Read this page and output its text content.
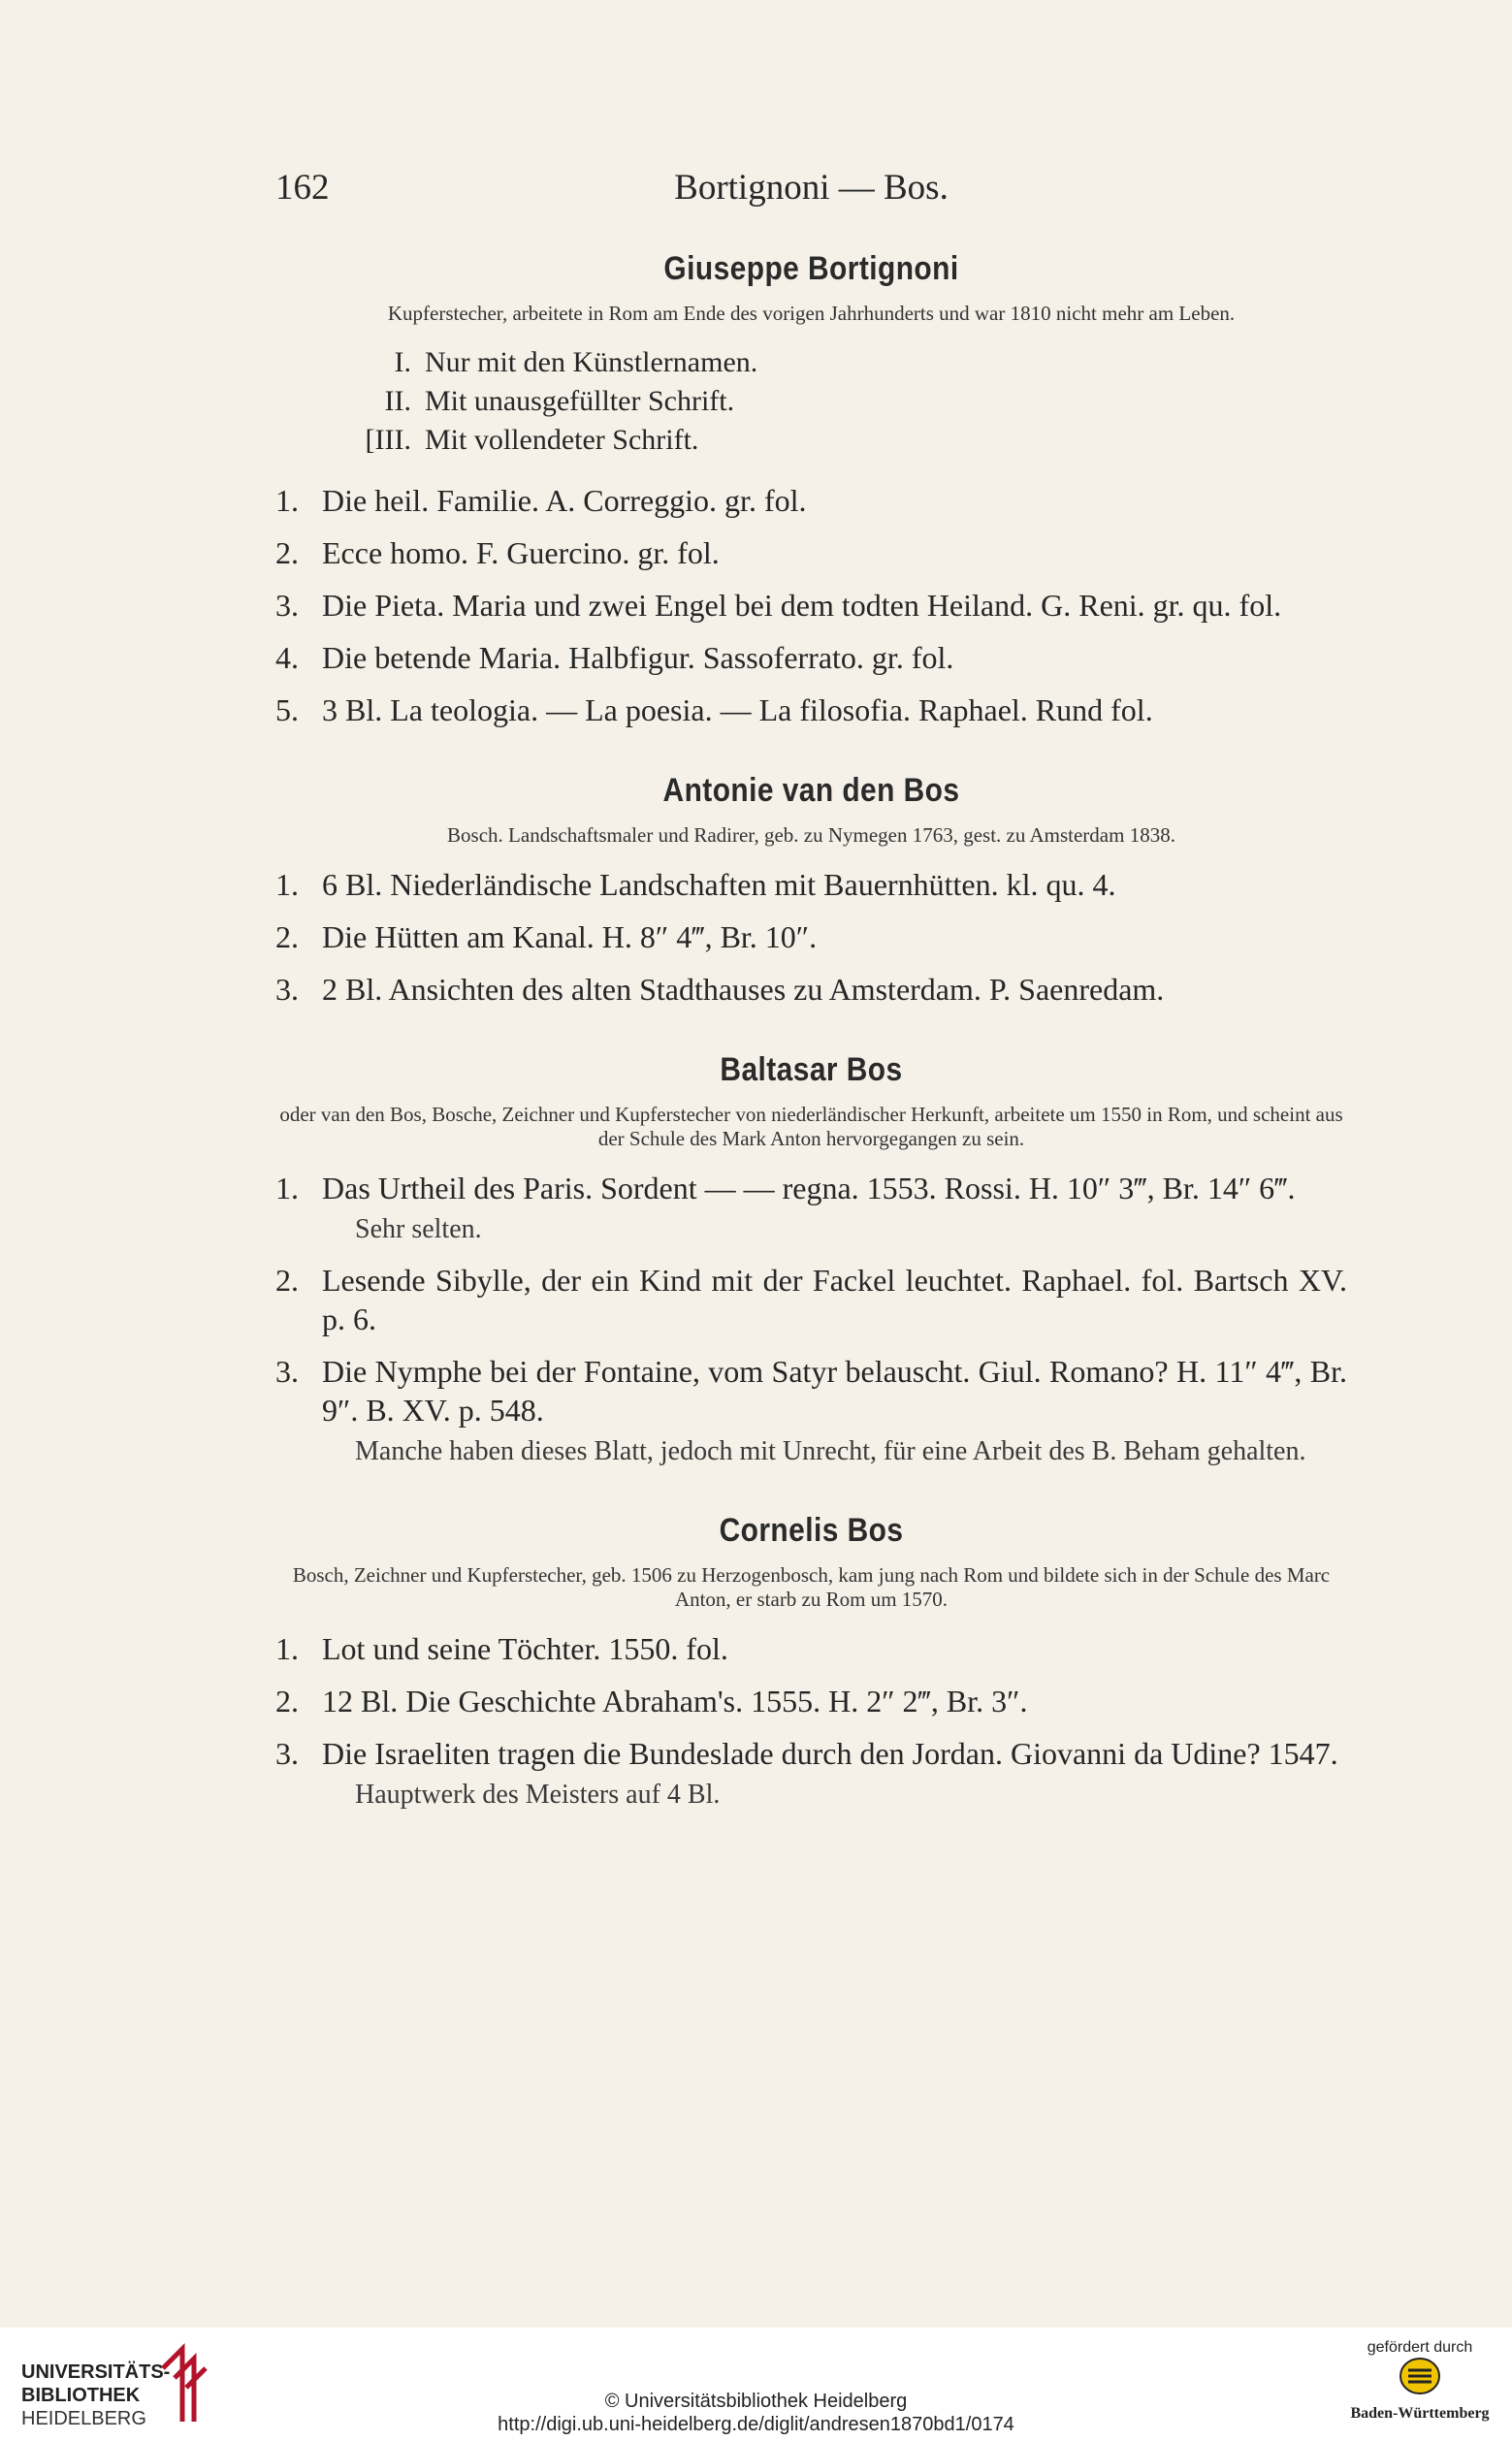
162	Bortignoni — Bos.
Giuseppe Bortignoni

Kupferstecher, arbeitete in Rom am Ende des vorigen Jahrhunderts und war 1810 nicht mehr am Leben.

I. Nur mit den Künstlernamen.
II. Mit unausgefüllter Schrift.
[III. Mit vollendeter Schrift.
1. Die heil. Familie. A. Correggio. gr. fol.
2. Ecce homo. F. Guercino. gr. fol.
3. Die Pieta. Maria und zwei Engel bei dem todten Heiland. G. Reni. gr. qu. fol.
4. Die betende Maria. Halbfigur. Sassoferrato. gr. fol.
5. 3 Bl. La teologia. — La poesia. — La filosofia. Raphael. Rund fol.
Antonie van den Bos

Bosch. Landschaftsmaler und Radirer, geb. zu Nymegen 1763, gest. zu Amsterdam 1838.

1. 6 Bl. Niederländische Landschaften mit Bauernhütten. kl. qu. 4.
2. Die Hütten am Kanal. H. 8″ 4‴, Br. 10″.
3. 2 Bl. Ansichten des alten Stadthauses zu Amsterdam. P. Saenredam.
Baltasar Bos

oder van den Bos, Bosche, Zeichner und Kupferstecher von niederländischer Herkunft, arbeitete um 1550 in Rom, und scheint aus der Schule des Mark Anton hervorgegangen zu sein.

1. Das Urtheil des Paris. Sordent — — regna. 1553. Rossi. H. 10″ 3‴, Br. 14″ 6‴.
Sehr selten.
2. Lesende Sibylle, der ein Kind mit der Fackel leuchtet. Raphael. fol. Bartsch XV. p. 6.
3. Die Nymphe bei der Fontaine, vom Satyr belauscht. Giul. Romano? H. 11″ 4‴, Br. 9″. B. XV. p. 548.
Manche haben dieses Blatt, jedoch mit Unrecht, für eine Arbeit des B. Beham gehalten.
Cornelis Bos

Bosch, Zeichner und Kupferstecher, geb. 1506 zu Herzogenbosch, kam jung nach Rom und bildete sich in der Schule des Marc Anton, er starb zu Rom um 1570.

1. Lot und seine Töchter. 1550. fol.
2. 12 Bl. Die Geschichte Abraham's. 1555. H. 2″ 2‴, Br. 3″.
3. Die Israeliten tragen die Bundeslade durch den Jordan. Giovanni da Udine? 1547.
Hauptwerk des Meisters auf 4 Bl.
UNIVERSITÄTS-
BIBLIOTHEK
HEIDELBERG
© Universitätsbibliothek Heidelberg
http://digi.ub.uni-heidelberg.de/diglit/andresen1870bd1/0174
gefördert durch
Baden-Württemberg
